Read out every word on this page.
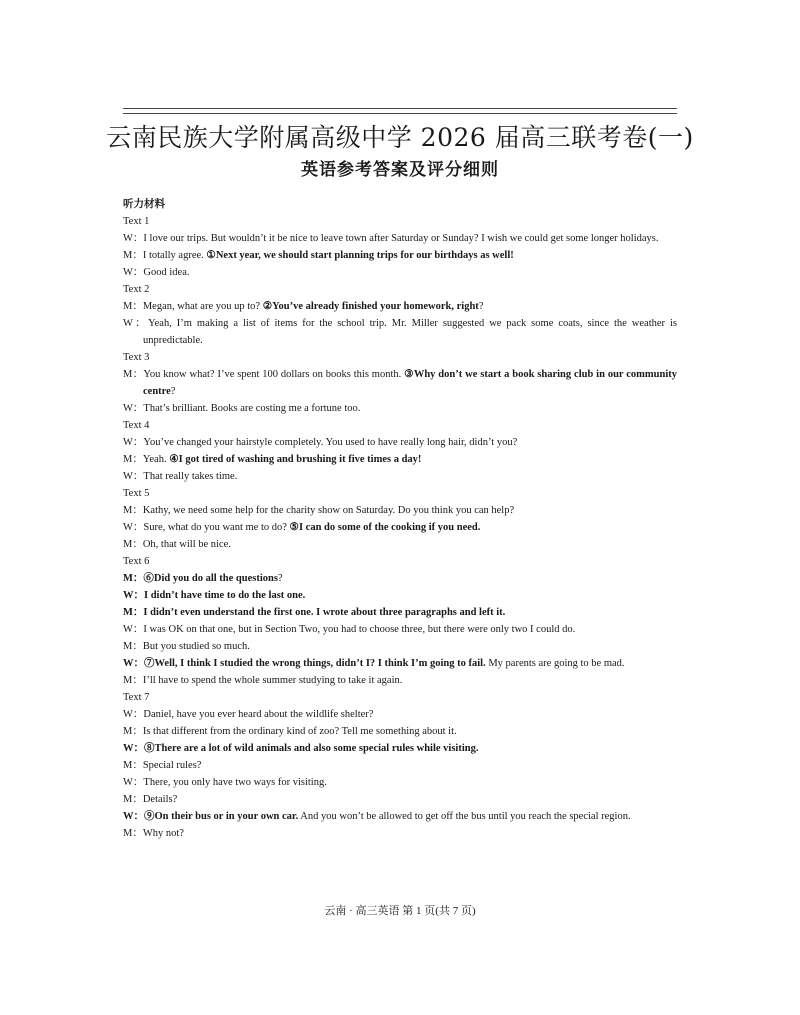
云南民族大学附属高级中学 2026 届高三联考卷(一)
英语参考答案及评分细则
听力材料
Text 1
W：I love our trips. But wouldn’t it be nice to leave town after Saturday or Sunday? I wish we could get some longer holidays.
M：I totally agree. ①Next year, we should start planning trips for our birthdays as well!
W：Good idea.
Text 2
M：Megan, what are you up to? ②You’ve already finished your homework, right?
W：Yeah, I’m making a list of items for the school trip. Mr. Miller suggested we pack some coats, since the weather is unpredictable.
Text 3
M：You know what? I’ve spent 100 dollars on books this month. ③Why don’t we start a book sharing club in our community centre?
W：That’s brilliant. Books are costing me a fortune too.
Text 4
W：You’ve changed your hairstyle completely. You used to have really long hair, didn’t you?
M：Yeah. ④I got tired of washing and brushing it five times a day!
W：That really takes time.
Text 5
M：Kathy, we need some help for the charity show on Saturday. Do you think you can help?
W：Sure, what do you want me to do? ⑤I can do some of the cooking if you need.
M：Oh, that will be nice.
Text 6
M：⑥Did you do all the questions?
W：I didn’t have time to do the last one.
M：I didn’t even understand the first one. I wrote about three paragraphs and left it.
W：I was OK on that one, but in Section Two, you had to choose three, but there were only two I could do.
M：But you studied so much.
W：⑦Well, I think I studied the wrong things, didn’t I? I think I’m going to fail. My parents are going to be mad.
M：I’ll have to spend the whole summer studying to take it again.
Text 7
W：Daniel, have you ever heard about the wildlife shelter?
M：Is that different from the ordinary kind of zoo? Tell me something about it.
W：⑧There are a lot of wild animals and also some special rules while visiting.
M：Special rules?
W：There, you only have two ways for visiting.
M：Details?
W：⑨On their bus or in your own car. And you won’t be allowed to get off the bus until you reach the special region.
M：Why not?
云南 · 高三英语 第 1 页(共 7 页)
